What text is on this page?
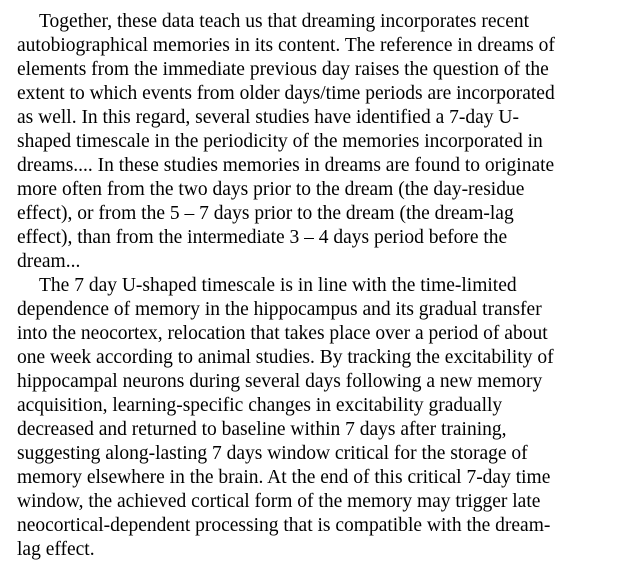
Together, these data teach us that dreaming incorporates recent
autobiographical memories in its content. The reference in dreams of
elements from the immediate previous day raises the question of the
extent to which events from older days/time periods are incorporated
as well. In this regard, several studies have identified a 7-day U-
shaped timescale in the periodicity of the memories incorporated in
dreams.... In these studies memories in dreams are found to originate
more often from the two days prior to the dream (the day-residue
effect), or from the 5 – 7 days prior to the dream (the dream-lag
effect), than from the intermediate 3 – 4 days period before the
dream...
The 7 day U-shaped timescale is in line with the time-limited
dependence of memory in the hippocampus and its gradual transfer
into the neocortex, relocation that takes place over a period of about
one week according to animal studies. By tracking the excitability of
hippocampal neurons during several days following a new memory
acquisition, learning-specific changes in excitability gradually
decreased and returned to baseline within 7 days after training,
suggesting along-lasting 7 days window critical for the storage of
memory elsewhere in the brain. At the end of this critical 7-day time
window, the achieved cortical form of the memory may trigger late
neocortical-dependent processing that is compatible with the dream-
lag effect.
